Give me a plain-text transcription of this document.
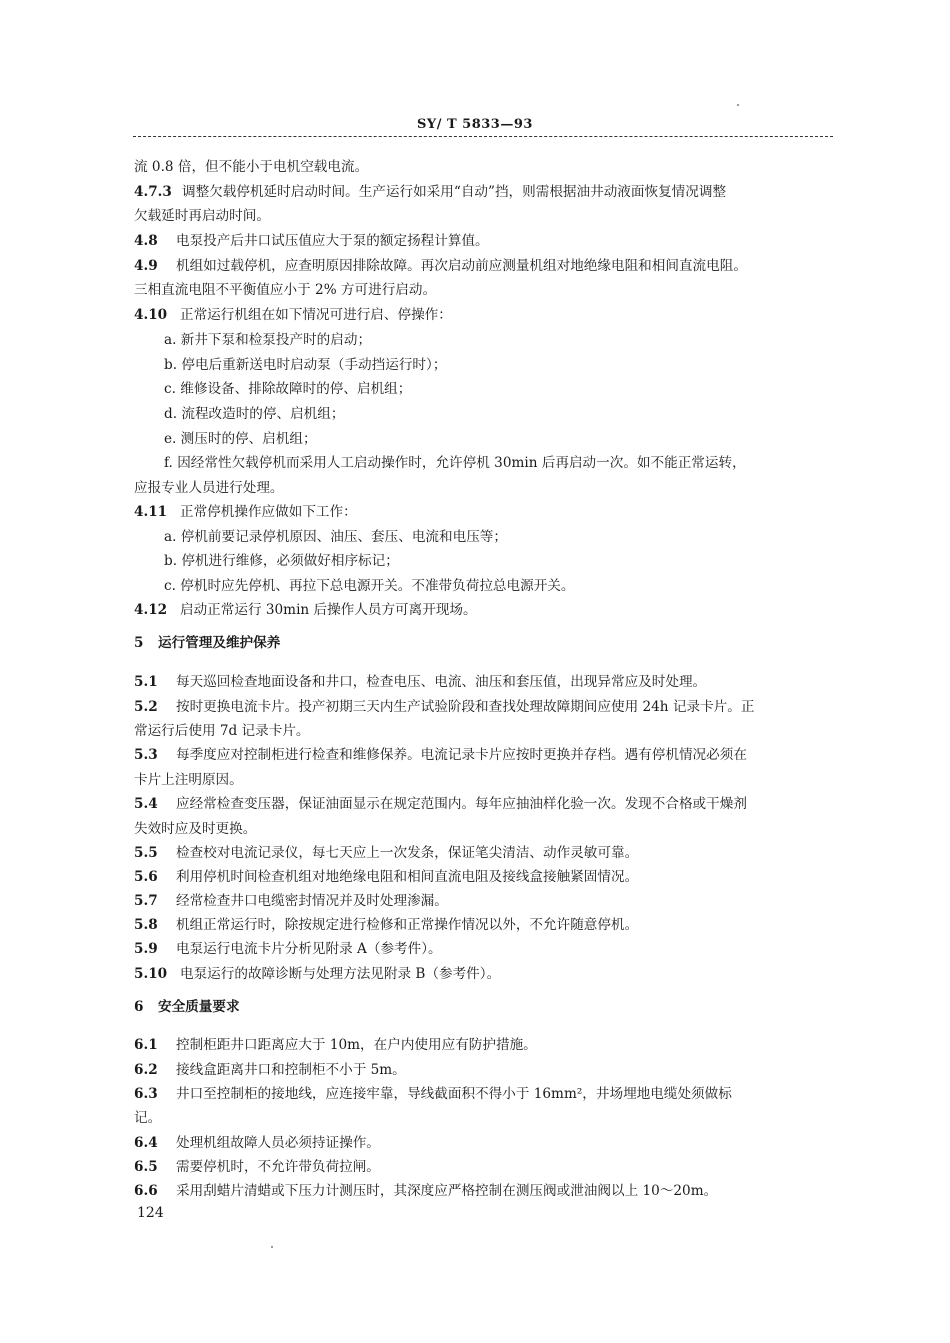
SY/ T 5833—93
流 0.8 倍，但不能小于电机空载电流。
4.7.3 调整欠载停机延时启动时间。生产运行如采用“自动”挡，则需根据油井动液面恢复情况调整
欠载延时再启动时间。
4.8 电泵投产后井口试压值应大于泵的额定扬程计算值。
4.9 机组如过载停机，应查明原因排除故障。再次启动前应测量机组对地绝缘电阻和相间直流电阻。
三相直流电阻不平衡值应小于 2% 方可进行启动。
4.10 正常运行机组在如下情况可进行启、停操作：
a. 新井下泵和检泵投产时的启动；
b. 停电后重新送电时启动泵（手动挡运行时）；
c. 维修设备、排除故障时的停、启机组；
d. 流程改造时的停、启机组；
e. 测压时的停、启机组；
f. 因经常性欠载停机而采用人工启动操作时，允许停机 30min 后再启动一次。如不能正常运转，
应报专业人员进行处理。
4.11 正常停机操作应做如下工作：
a. 停机前要记录停机原因、油压、套压、电流和电压等；
b. 停机进行维修，必须做好相序标记；
c. 停机时应先停机、再拉下总电源开关。不准带负荷拉总电源开关。
4.12 启动正常运行 30min 后操作人员方可离开现场。
5 运行管理及维护保养
5.1 每天巡回检查地面设备和井口，检查电压、电流、油压和套压值，出现异常应及时处理。
5.2 按时更换电流卡片。投产初期三天内生产试验阶段和查找处理故障期间应使用 24h 记录卡片。正
常运行后使用 7d 记录卡片。
5.3 每季度应对控制柜进行检查和维修保养。电流记录卡片应按时更换并存档。遇有停机情况必须在
卡片上注明原因。
5.4 应经常检查变压器，保证油面显示在规定范围内。每年应抽油样化验一次。发现不合格或干燥剂
失效时应及时更换。
5.5 检查校对电流记录仪，每七天应上一次发条，保证笔尖清洁、动作灵敏可靠。
5.6 利用停机时间检查机组对地绝缘电阻和相间直流电阻及接线盒接触紧固情况。
5.7 经常检查井口电缆密封情况并及时处理渗漏。
5.8 机组正常运行时，除按规定进行检修和正常操作情况以外，不允许随意停机。
5.9 电泵运行电流卡片分析见附录 A（参考件）。
5.10 电泵运行的故障诊断与处理方法见附录 B（参考件）。
6 安全质量要求
6.1 控制柜距井口距离应大于 10m，在户内使用应有防护措施。
6.2 接线盒距离井口和控制柜不小于 5m。
6.3 井口至控制柜的接地线，应连接牢靠，导线截面积不得小于 16mm²，井场埋地电缆处须做标
记。
6.4 处理机组故障人员必须持证操作。
6.5 需要停机时，不允许带负荷拉闸。
6.6 采用刮蜡片清蜡或下压力计测压时，其深度应严格控制在测压阀或泄油阀以上 10～20m。
124
